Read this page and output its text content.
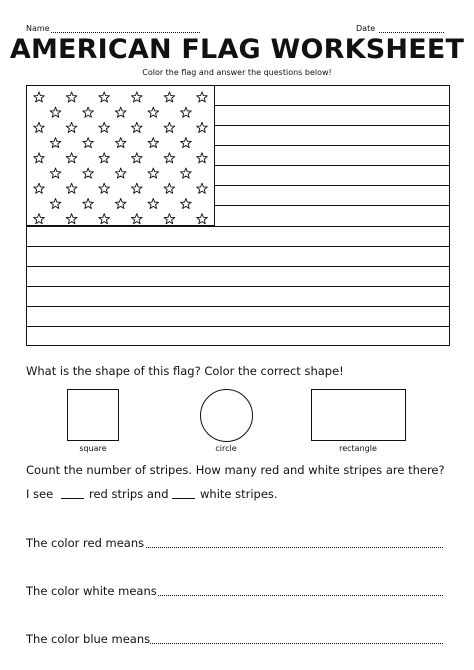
Name	Date
AMERICAN FLAG WORKSHEET
Color the flag and answer the questions below!
What is the shape of this flag? Color the correct shape!
square	circle	rectangle
Count the number of stripes. How many red and white stripes are there?
I see	red strips and	white stripes.
The color red means
The color white means
The color blue means
